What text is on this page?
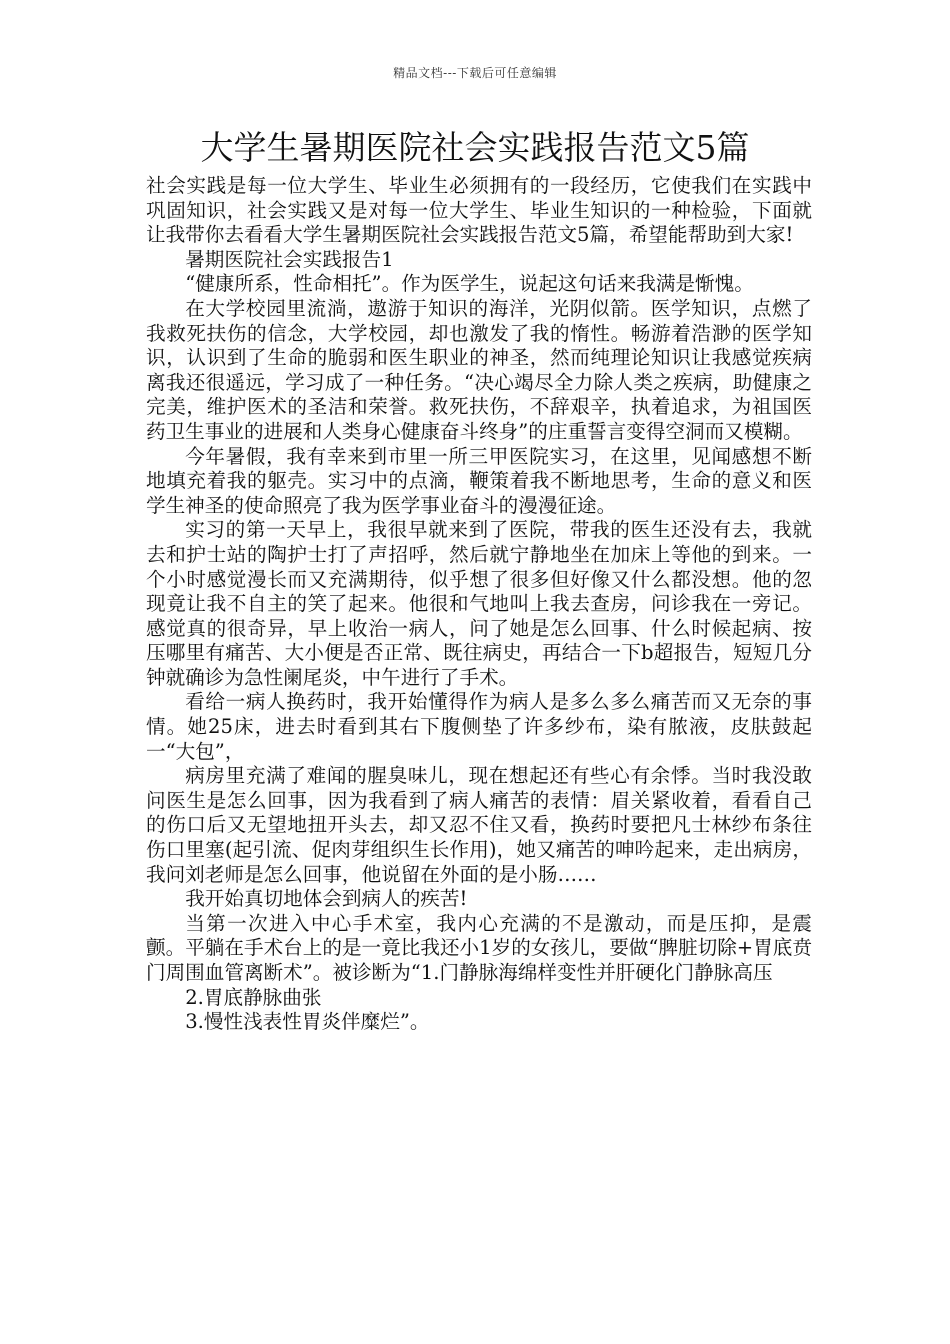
精品文档---下载后可任意编辑
大学生暑期医院社会实践报告范文5篇

社会实践是每一位大学生、毕业生必须拥有的一段经历，它使我们在实践中巩固知识，社会实践又是对每一位大学生、毕业生知识的一种检验，下面就让我带你去看看大学生暑期医院社会实践报告范文5篇，希望能帮助到大家!

暑期医院社会实践报告1

“健康所系，性命相托”。作为医学生，说起这句话来我满是惭愧。

在大学校园里流淌，遨游于知识的海洋，光阴似箭。医学知识，点燃了我救死扶伤的信念，大学校园，却也激发了我的惰性。畅游着浩渺的医学知识，认识到了生命的脆弱和医生职业的神圣，然而纯理论知识让我感觉疾病离我还很遥远，学习成了一种任务。“决心竭尽全力除人类之疾病，助健康之完美，维护医术的圣洁和荣誉。救死扶伤，不辞艰辛，执着追求，为祖国医药卫生事业的进展和人类身心健康奋斗终身”的庄重誓言变得空洞而又模糊。

今年暑假，我有幸来到市里一所三甲医院实习，在这里，见闻感想不断地填充着我的躯壳。实习中的点滴，鞭策着我不断地思考，生命的意义和医学生神圣的使命照亮了我为医学事业奋斗的漫漫征途。

实习的第一天早上，我很早就来到了医院，带我的医生还没有去，我就去和护士站的陶护士打了声招呼，然后就宁静地坐在加床上等他的到来。一个小时感觉漫长而又充满期待，似乎想了很多但好像又什么都没想。他的忽现竟让我不自主的笑了起来。他很和气地叫上我去查房，问诊我在一旁记。感觉真的很奇异，早上收治一病人，问了她是怎么回事、什么时候起病、按压哪里有痛苦、大小便是否正常、既往病史，再结合一下b超报告，短短几分钟就确诊为急性阑尾炎，中午进行了手术。

看给一病人换药时，我开始懂得作为病人是多么多么痛苦而又无奈的事情。她25床，进去时看到其右下腹侧垫了许多纱布，染有脓液，皮肤鼓起一“大包”，

病房里充满了难闻的腥臭味儿，现在想起还有些心有余悸。当时我没敢问医生是怎么回事，因为我看到了病人痛苦的表情：眉关紧收着，看看自己的伤口后又无望地扭开头去，却又忍不住又看，换药时要把凡士林纱布条往伤口里塞(起引流、促肉芽组织生长作用)，她又痛苦的呻吟起来，走出病房，我问刘老师是怎么回事，他说留在外面的是小肠……

我开始真切地体会到病人的疾苦!

当第一次进入中心手术室，我内心充满的不是激动，而是压抑，是震颤。平躺在手术台上的是一竟比我还小1岁的女孩儿，要做“脾脏切除+胃底贲门周围血管离断术”。被诊断为“1.门静脉海绵样变性并肝硬化门静脉高压

2.胃底静脉曲张

3.慢性浅表性胃炎伴糜烂”。
